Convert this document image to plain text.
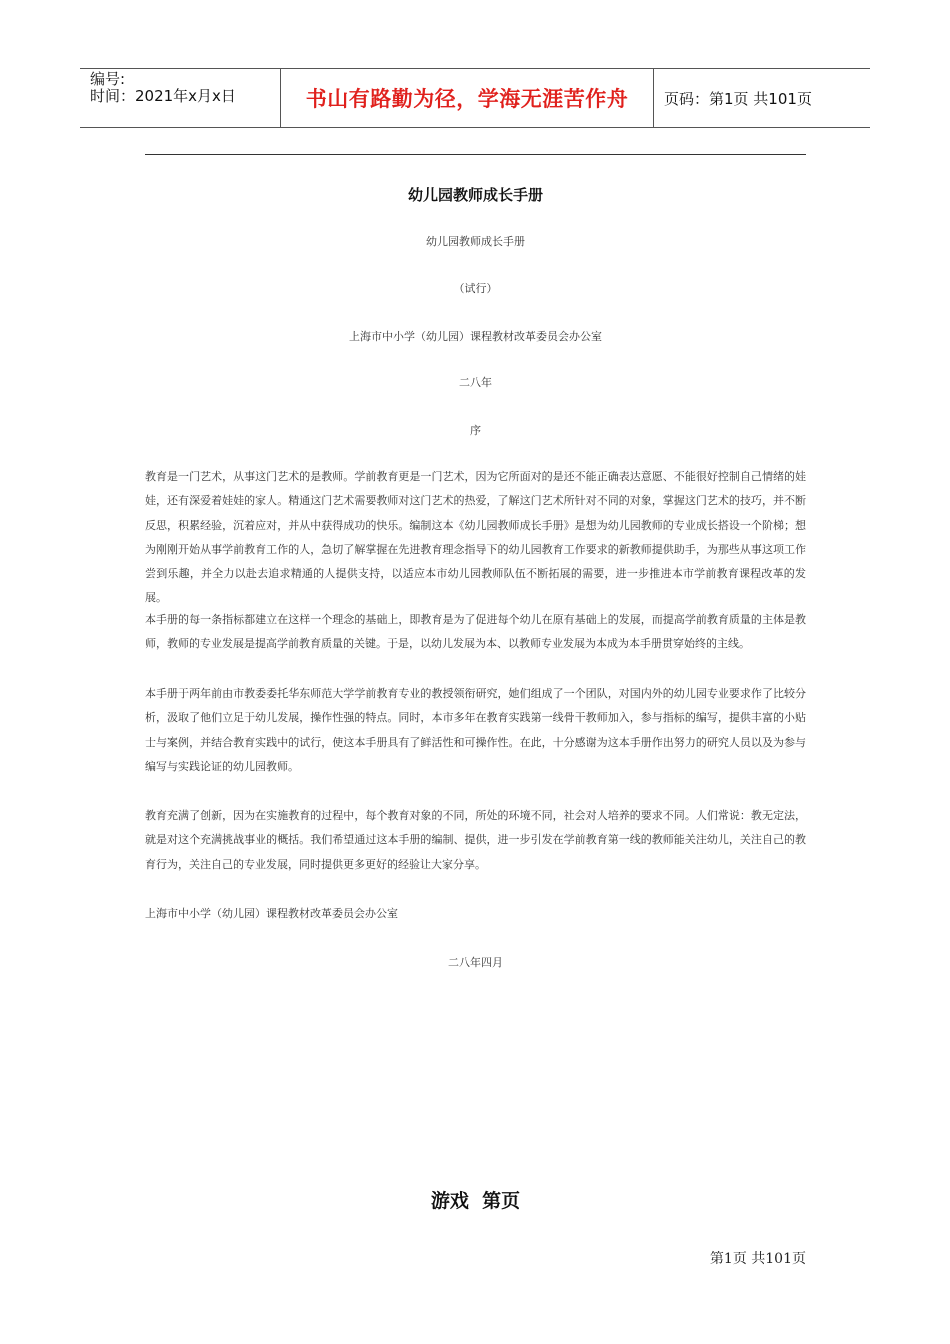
编号:
时间：2021年x月x日	书山有路勤为径，学海无涯苦作舟	页码：第1页 共101页
幼儿园教师成长手册
幼儿园教师成长手册
（试行）
上海市中小学（幼儿园）课程教材改革委员会办公室
二八年
序

教育是一门艺术，从事这门艺术的是教师。学前教育更是一门艺术，因为它所面对的是还不能正确表达意愿、不能很好控制自己情绪的娃娃，还有深爱着娃娃的家人。精通这门艺术需要教师对这门艺术的热爱，了解这门艺术所针对不同的对象，掌握这门艺术的技巧，并不断反思，积累经验，沉着应对，并从中获得成功的快乐。编制这本《幼儿园教师成长手册》是想为幼儿园教师的专业成长搭设一个阶梯；想为刚刚开始从事学前教育工作的人，急切了解掌握在先进教育理念指导下的幼儿园教育工作要求的新教师提供助手，为那些从事这项工作尝到乐趣，并全力以赴去追求精通的人提供支持，以适应本市幼儿园教师队伍不断拓展的需要，进一步推进本市学前教育课程改革的发展。

本手册的每一条指标都建立在这样一个理念的基础上，即教育是为了促进每个幼儿在原有基础上的发展，而提高学前教育质量的主体是教师，教师的专业发展是提高学前教育质量的关键。于是，以幼儿发展为本、以教师专业发展为本成为本手册贯穿始终的主线。

本手册于两年前由市教委委托华东师范大学学前教育专业的教授领衔研究，她们组成了一个团队，对国内外的幼儿园专业要求作了比较分析，汲取了他们立足于幼儿发展，操作性强的特点。同时，本市多年在教育实践第一线骨干教师加入，参与指标的编写，提供丰富的小贴士与案例，并结合教育实践中的试行，使这本手册具有了鲜活性和可操作性。在此，十分感谢为这本手册作出努力的研究人员以及为参与编写与实践论证的幼儿园教师。

教育充满了创新，因为在实施教育的过程中，每个教育对象的不同，所处的环境不同，社会对人培养的要求不同。人们常说：教无定法，就是对这个充满挑战事业的概括。我们希望通过这本手册的编制、提供，进一步引发在学前教育第一线的教师能关注幼儿，关注自己的教育行为，关注自己的专业发展，同时提供更多更好的经验让大家分享。

上海市中小学（幼儿园）课程教材改革委员会办公室
二八年四月
游戏  第页
第1页 共101页
